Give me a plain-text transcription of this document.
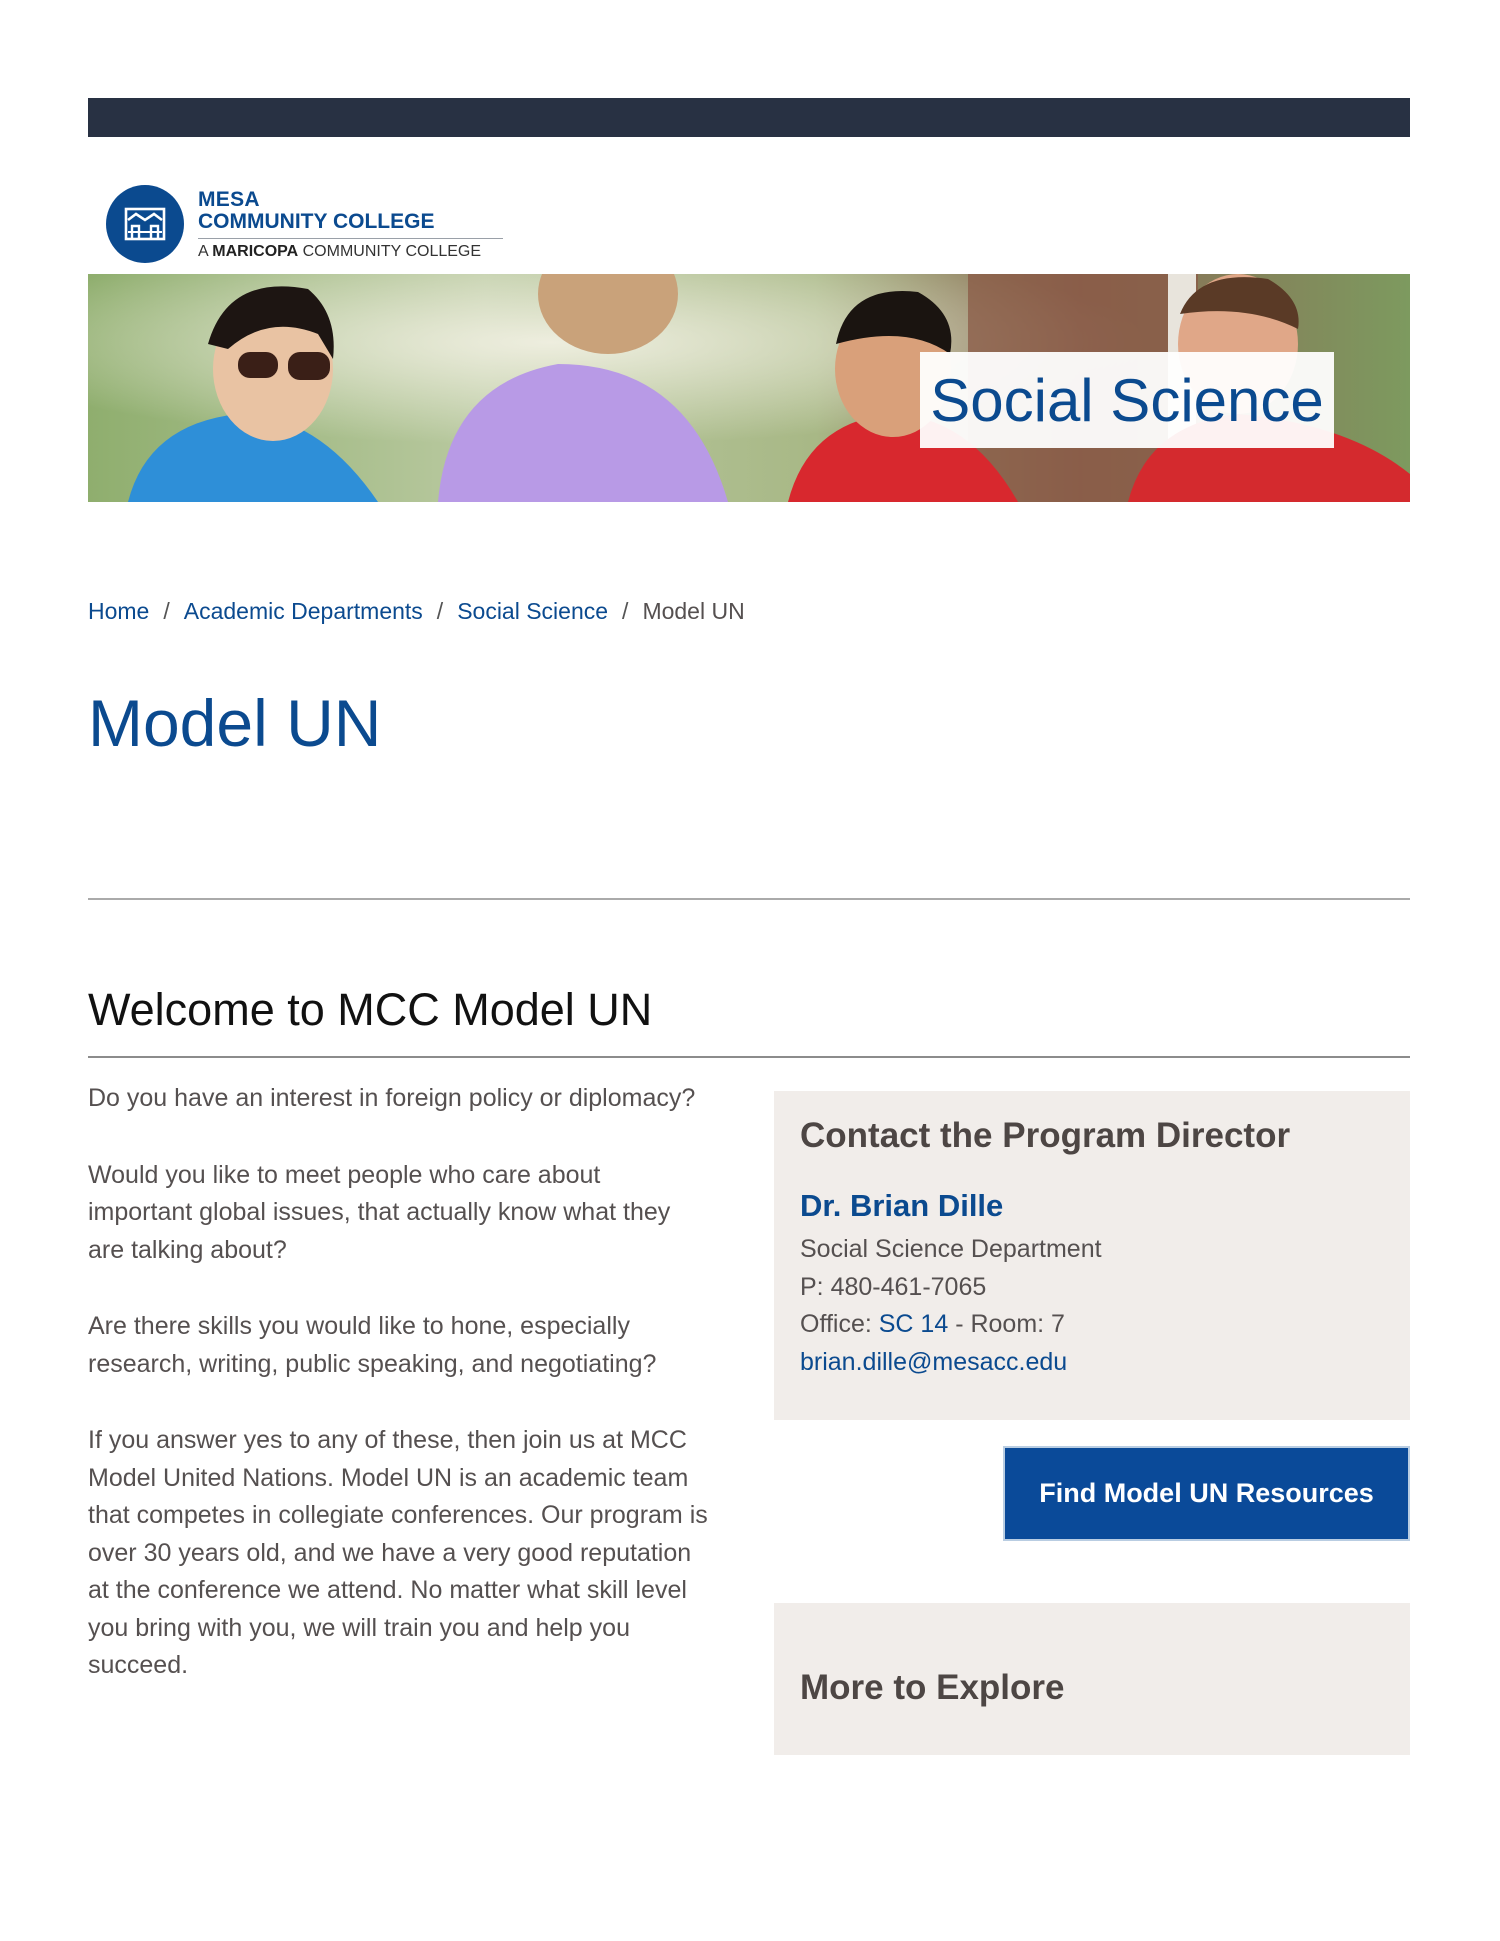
MESA
COMMUNITY COLLEGE
A MARICOPA COMMUNITY COLLEGE
Social Science
Home / Academic Departments / Social Science / Model UN
Model UN
Welcome to MCC Model UN

Do you have an interest in foreign policy or diplomacy?

Would you like to meet people who care about important global issues, that actually know what they are talking about?

Are there skills you would like to hone, especially research, writing, public speaking, and negotiating?

If you answer yes to any of these, then join us at MCC Model United Nations. Model UN is an academic team that competes in collegiate conferences. Our program is over 30 years old, and we have a very good reputation at the conference we attend. No matter what skill level you bring with you, we will train you and help you succeed.

Contact the Program Director
Dr. Brian Dille
Social Science Department
P: 480-461-7065
Office: SC 14 - Room: 7
brian.dille@mesacc.edu
Find Model UN Resources
More to Explore
